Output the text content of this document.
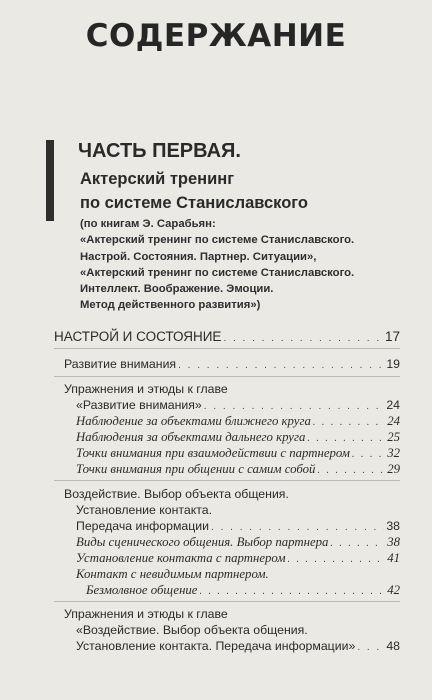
СОДЕРЖАНИЕ
ЧАСТЬ ПЕРВАЯ.
Актерский тренинг
по системе Станиславского
(по книгам Э. Сарабьян:
«Актерский тренинг по системе Станиславского.
Настрой. Состояния. Партнер. Ситуации»,
«Актерский тренинг по системе Станиславского.
Интеллект. Воображение. Эмоции.
Метод действенного развития»)
НАСТРОЙ И СОСТОЯНИЕ . . .	17
Развитие внимания . . .	19
Упражнения и этюды к главе
«Развитие внимания» . . .	24
Наблюдение за объектами ближнего круга . . .	24
Наблюдения за объектами дальнего круга . . .	25
Точки внимания при взаимодействии с партнером . . .	32
Точки внимания при общении с самим собой . . .	29
Воздействие. Выбор объекта общения.
Установление контакта.
Передача информации . . .	38
Виды сценического общения. Выбор партнера . . .	38
Установление контакта с партнером . . .	41
Контакт с невидимым партнером.
Безмолвное общение . . .	42
Упражнения и этюды к главе
«Воздействие. Выбор объекта общения.
Установление контакта. Передача информации» . . .	48
